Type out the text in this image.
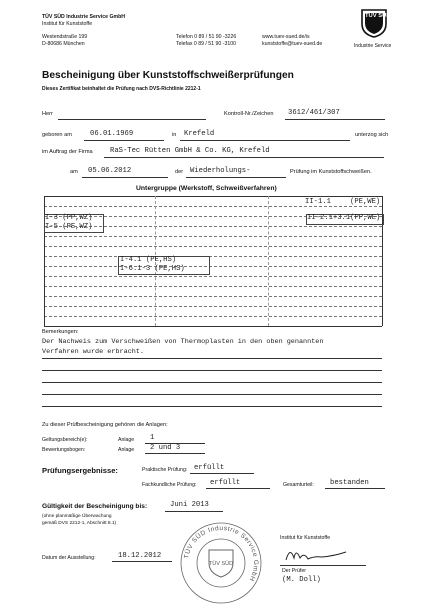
TÜV SÜD Industrie Service GmbH
Institut für Kunststoffe
Westendstraße 199
D-80686 München
Telefon 0 89 / 51 90 -3226
Telefax 0 89 / 51 90 -3100
www.tuev-sued.de/is
kunststoffe@tuev-sued.de
TÜV SÜD
Industrie Service
Bescheinigung über Kunststoffschweißerprüfungen
Dieses Zertifikat beinhaltet die Prüfung nach DVS-Richtlinie 2212-1
Herr	Kontroll-Nr./Zeichen 3612/461/307
geboren am	06.01.1969	in Krefeld	unterzog sich
im Auftrag der Firma RaS-Tec Rütten GmbH & Co. KG, Krefeld
am 05.06.2012	der Wiederholungs-	Prüfung im Kunststoffschweißen.
Untergruppe (Werkstoff, Schweißverfahren)
II-1.1	(PE,WE)
I-3 (PP,WZ)
I-5 (PE,WZ)
II-2.1+3.1(PP,WE)
I-4.1 (PE,HS)
I-6.1-3 (PE,HS)
Bemerkungen:
Der Nachweis zum Verschweißen von Thermoplasten in den oben genannten
Verfahren wurde erbracht.
Zu dieser Prüfbescheinigung gehören die Anlagen:
Geltungsbereich(e):	Anlage 1
Bewertungsbogen:	Anlage 2 und 3
Prüfungsergebnisse:	Praktische Prüfung: erfüllt
Fachkundliche Prüfung: erfüllt	Gesamturteil: bestanden
Gültigkeit der Bescheinigung bis:	Juni 2013
(ohne planmäßige Überwachung
gemäß DVS 2212-1, Abschnitt 8.1)
Datum der Ausstellung:	18.12.2012	TÜV SÜD Industrie Service GmbH
TÜV SÜD
Institut für Kunststoffe
Der Prüfer
(M. Doll)
